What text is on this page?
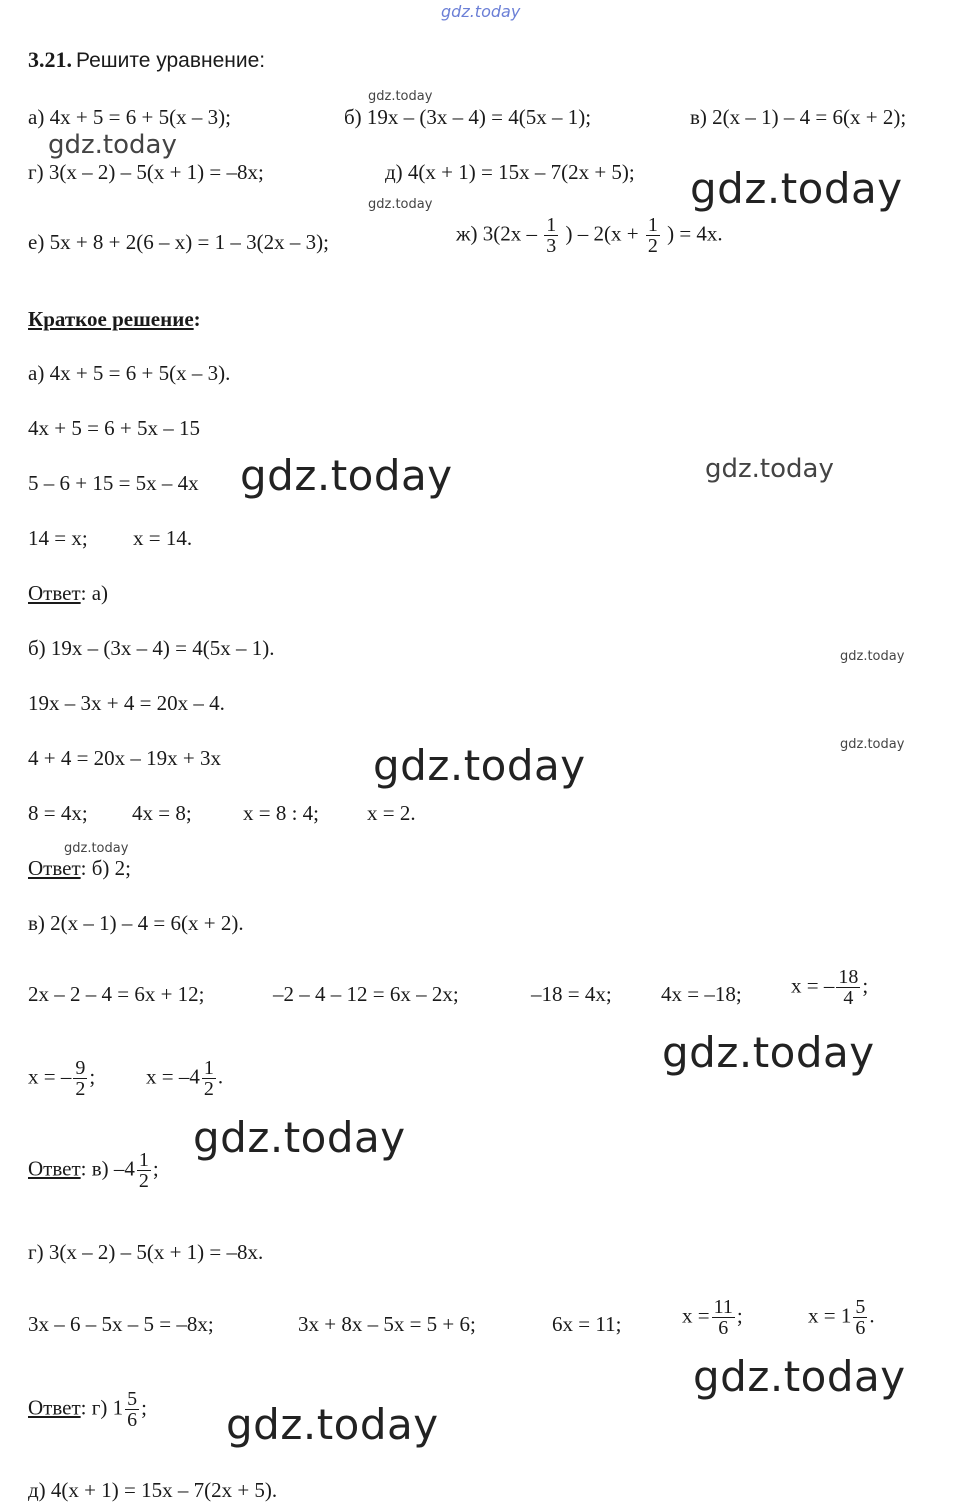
gdz.today
3.21. Решите уравнение:
а) 4x + 5 = 6 + 5(x – 3);	б) 19x – (3x – 4) = 4(5x – 1);	в) 2(x – 1) – 4 = 6(x + 2);
г) 3(x – 2) – 5(x + 1) = –8x;	д) 4(x + 1) = 15x – 7(2x + 5);
е) 5x + 8 + 2(6 – x) = 1 – 3(2x – 3);	ж) $3(2x - \frac{1}{3}$ ) – $2(x + \frac{1}{2}$ ) = 4x.
Краткое решение:
а) 4x + 5 = 6 + 5(x – 3).
4x + 5 = 6 + 5x – 15
5 – 6 + 15 = 5x – 4x
14 = x; x = 14.
Ответ: а)
б) 19x – (3x – 4) = 4(5x – 1).
19x – 3x + 4 = 20x – 4.
4 + 4 = 20x – 19x + 3x
8 = 4x; 4x = 8; x = 8 : 4; x = 2.
Ответ: б) 2;
в) 2(x – 1) – 4 = 6(x + 2).
2x – 2 – 4 = 6x + 12;	–2 – 4 – 12 = 6x – 2x;	–18 = 4x; 4x = –18; x = – $\frac{18}{4}$ ;
x = – $\frac{9}{2}$ ; $x = -4 \frac{1}{2}$ .
Ответ: в) $-4 \frac{1}{2}$ ;
г) 3(x – 2) – 5(x + 1) = –8x.
3x – 6 – 5x – 5 = –8x;	3x + 8x – 5x = 5 + 6;	6x = 11;	$x = \frac{11}{6}$ ;	$x = 1 \frac{5}{6}$ .
Ответ: г) $1 \frac{5}{6}$ ;
д) 4(x + 1) = 15x – 7(2x + 5).
gdz.today
gdz.today
gdz.today
gdz.today
gdz.today	gdz.today
gdz.today
gdz.today
gdz.today
gdz.today
gdz.today
gdz.today
gdz.today
gdz.today
